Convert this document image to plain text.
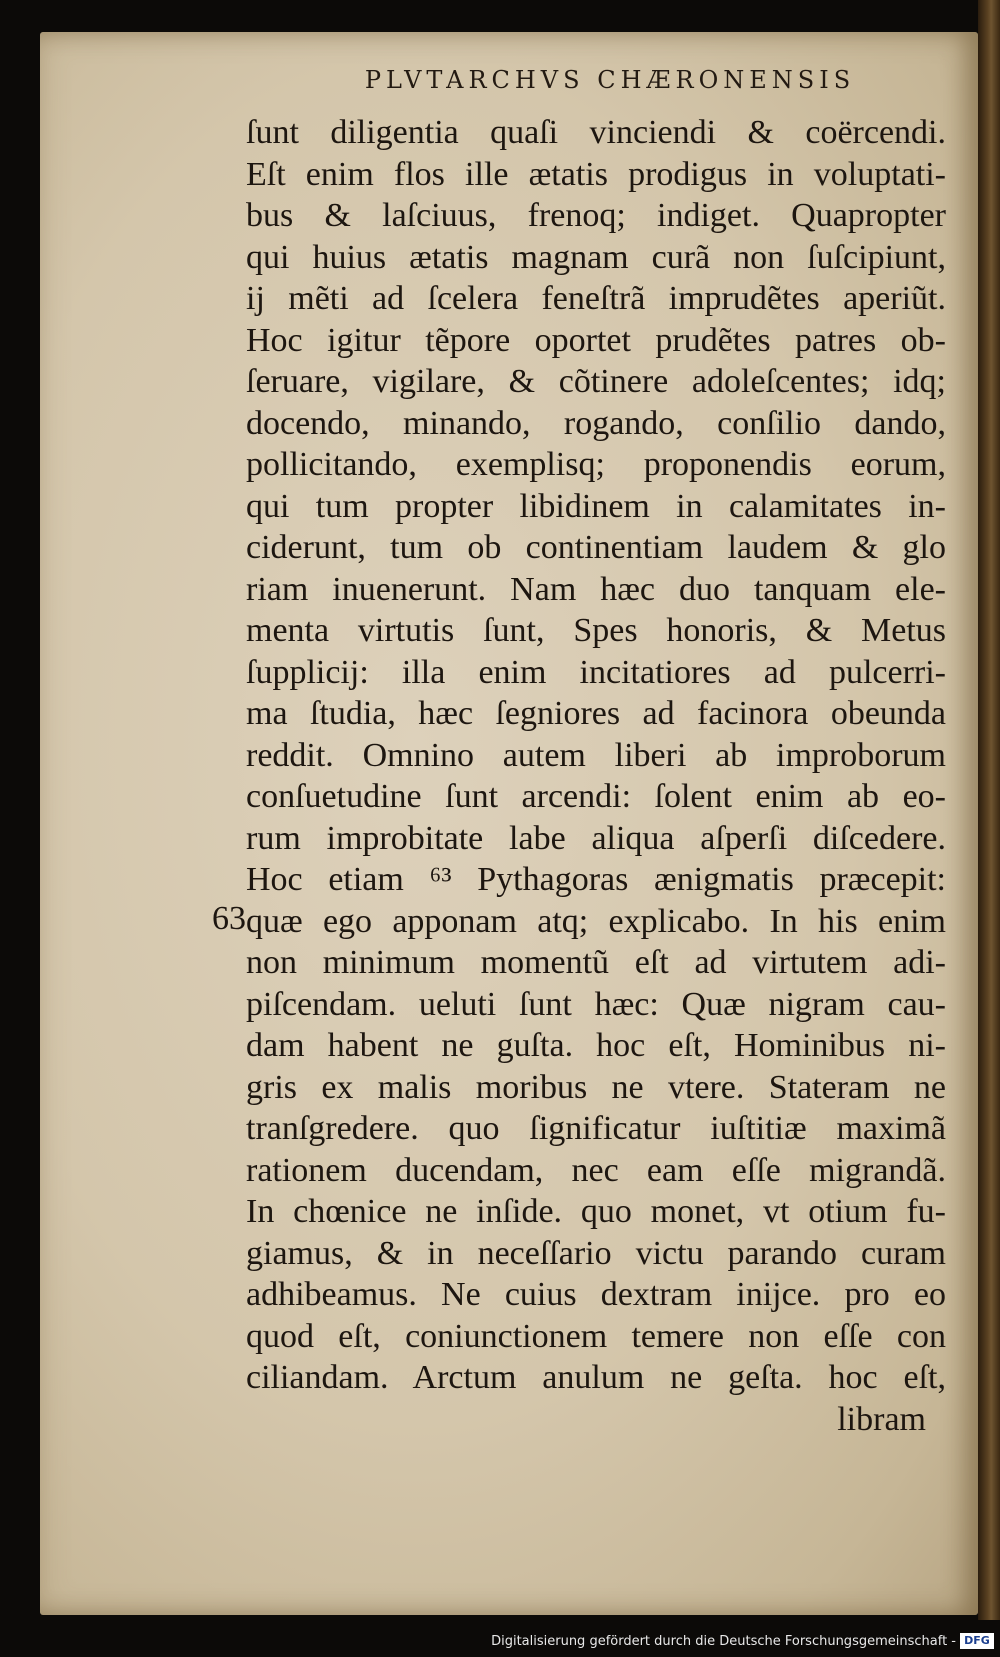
PLVTARCHVS CHÆRONENSIS
63
ſunt diligentia quaſi vinciendi & coërcendi.
Eſt enim flos ille ætatis prodigus in voluptati-
bus & laſciuus, frenoq; indiget. Quapropter
qui huius ætatis magnam curã non ſuſcipiunt,
ij mẽti ad ſcelera feneſtrã imprudẽtes aperiũt.
Hoc igitur tẽpore oportet prudẽtes patres ob-
ſeruare, vigilare, & cõtinere adoleſcentes; idq;
docendo, minando, rogando, conſilio dando,
pollicitando, exemplisq; proponendis eorum,
qui tum propter libidinem in calamitates in-
ciderunt, tum ob continentiam laudem & glo
riam inuenerunt. Nam hæc duo tanquam ele-
menta virtutis ſunt, Spes honoris, & Metus
ſupplicij: illa enim incitatiores ad pulcerri-
ma ſtudia, hæc ſegniores ad facinora obeunda
reddit. Omnino autem liberi ab improborum
conſuetudine ſunt arcendi: ſolent enim ab eo-
rum improbitate labe aliqua aſperſi diſcedere.
Hoc etiam ⁶³ Pythagoras ænigmatis præcepit:
quæ ego apponam atq; explicabo. In his enim
non minimum momentũ eſt ad virtutem adi-
piſcendam. ueluti ſunt hæc: Quæ nigram cau-
dam habent ne guſta. hoc eſt, Hominibus ni-
gris ex malis moribus ne vtere. Stateram ne
tranſgredere. quo ſignificatur iuſtitiæ maximã
rationem ducendam, nec eam eſſe migrandã.
In chœnice ne inſide. quo monet, vt otium fu-
giamus, & in neceſſario victu parando curam
adhibeamus. Ne cuius dextram inijce. pro eo
quod eſt, coniunctionem temere non eſſe con
ciliandam. Arctum anulum ne geſta. hoc eſt,
libram
Digitalisierung gefördert durch die Deutsche Forschungsgemeinschaft - DFG
